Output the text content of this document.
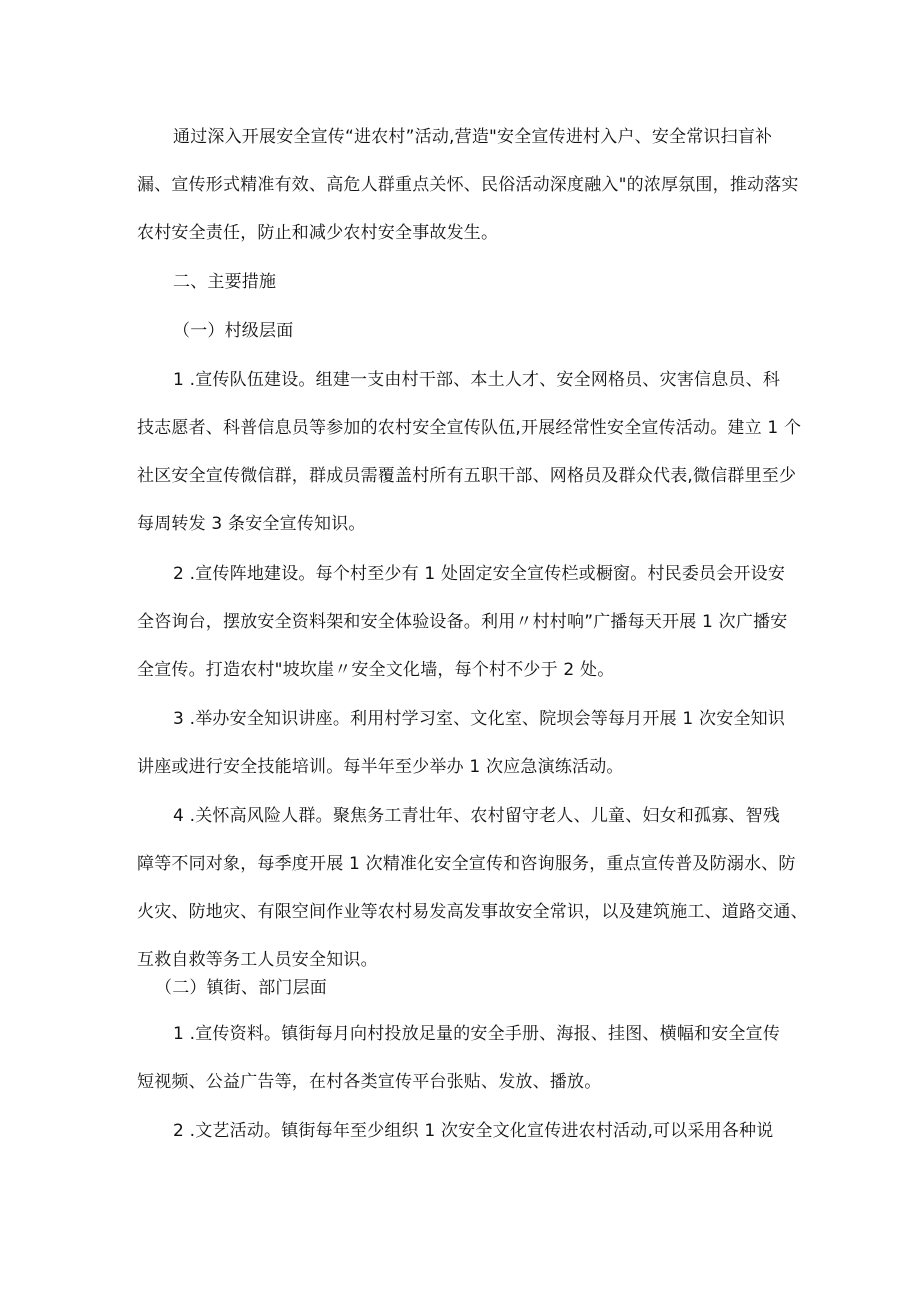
通过深入开展安全宣传“进农村”活动,营造"安全宣传进村入户、安全常识扫盲补
漏、宣传形式精准有效、高危人群重点关怀、民俗活动深度融入"的浓厚氛围，推动落实
农村安全责任，防止和减少农村安全事故发生。
二、主要措施
（一）村级层面
1 .宣传队伍建设。组建一支由村干部、本土人才、安全网格员、灾害信息员、科
技志愿者、科普信息员等参加的农村安全宣传队伍,开展经常性安全宣传活动。建立 1 个
社区安全宣传微信群，群成员需覆盖村所有五职干部、网格员及群众代表,微信群里至少
每周转发 3 条安全宣传知识。
2 .宣传阵地建设。每个村至少有 1 处固定安全宣传栏或橱窗。村民委员会开设安
全咨询台，摆放安全资料架和安全体验设备。利用〃村村响”广播每天开展 1 次广播安
全宣传。打造农村"坡坎崖〃安全文化墙，每个村不少于 2 处。
3 .举办安全知识讲座。利用村学习室、文化室、院坝会等每月开展 1 次安全知识
讲座或进行安全技能培训。每半年至少举办 1 次应急演练活动。
4 .关怀高风险人群。聚焦务工青壮年、农村留守老人、儿童、妇女和孤寡、智残
障等不同对象，每季度开展 1 次精准化安全宣传和咨询服务，重点宣传普及防溺水、防
火灾、防地灾、有限空间作业等农村易发高发事故安全常识，以及建筑施工、道路交通、
互救自救等务工人员安全知识。
（二）镇街、部门层面
1 .宣传资料。镇街每月向村投放足量的安全手册、海报、挂图、横幅和安全宣传
短视频、公益广告等，在村各类宣传平台张贴、发放、播放。
2 .文艺活动。镇街每年至少组织 1 次安全文化宣传进农村活动,可以采用各种说
